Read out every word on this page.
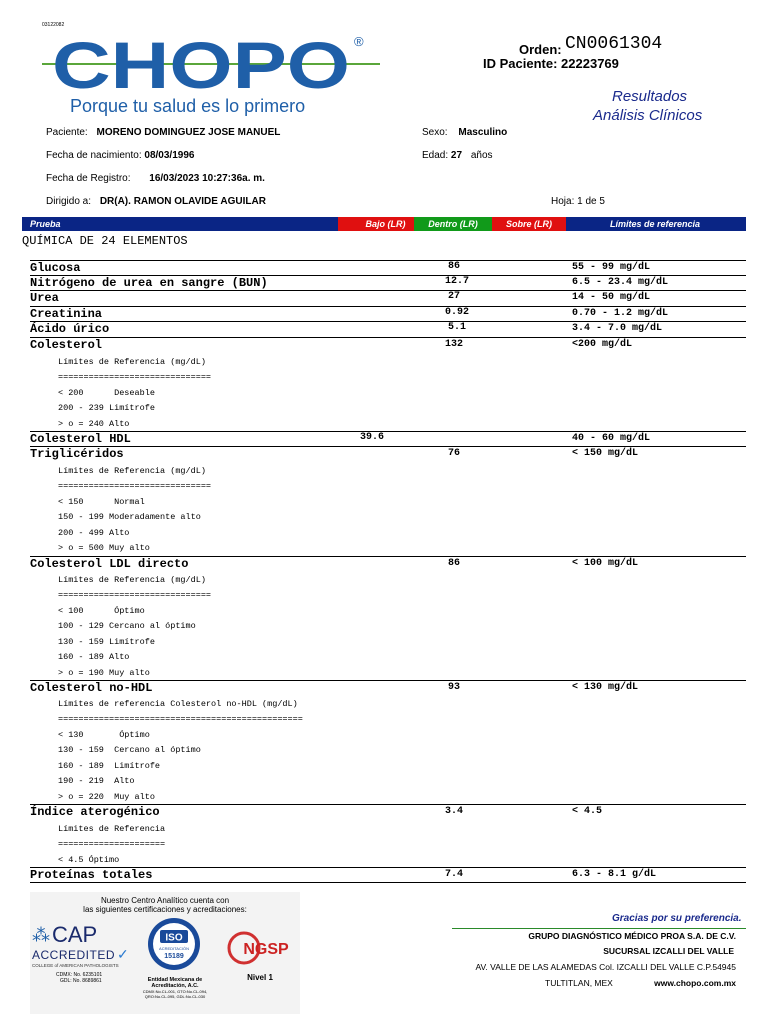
03122082
CHOPO ®
Porque tu salud es lo primero
Orden: CN0061304
ID Paciente: 22223769
Resultados
Análisis Clínicos
Paciente: MORENO DOMINGUEZ JOSE MANUEL	Sexo: Masculino
Fecha de nacimiento: 08/03/1996	Edad: 27 años
Fecha de Registro: 16/03/2023 10:27:36a. m.
Dirigido a: DR(A). RAMON OLAVIDE AGUILAR	Hoja: 1 de 5
Prueba	Bajo (LR)	Dentro (LR)	Sobre (LR)	Límites de referencia
QUÍMICA DE 24 ELEMENTOS
Glucosa	86	55 - 99 mg/dL
Nitrógeno de urea en sangre (BUN)	12.7	6.5 - 23.4 mg/dL
Urea	27	14 - 50 mg/dL
Creatinina	0.92	0.70 - 1.2 mg/dL
Ácido úrico	5.1	3.4 - 7.0 mg/dL
Colesterol	132	<200 mg/dL
Límites de Referencia (mg/dL)
==============================
< 200      Deseable
200 - 239 Limítrofe
> o = 240 Alto
Colesterol HDL	39.6	40 - 60 mg/dL
Triglicéridos	76	< 150 mg/dL
Límites de Referencia (mg/dL)
==============================
< 150      Normal
150 - 199 Moderadamente alto
200 - 499 Alto
> o = 500 Muy alto
Colesterol LDL directo	86	< 100 mg/dL
Límites de Referencia (mg/dL)
==============================
< 100      Óptimo
100 - 129 Cercano al óptimo
130 - 159 Limítrofe
160 - 189 Alto
> o = 190 Muy alto
Colesterol no-HDL	93	< 130 mg/dL
Límites de referencia Colesterol no-HDL (mg/dL)
================================================
< 130       Óptimo
130 - 159  Cercano al óptimo
160 - 189  Limítrofe
190 - 219  Alto
> o = 220  Muy alto
Índice aterogénico	3.4	< 4.5
Límites de Referencia
=====================
< 4.5 Óptimo
Proteínas totales	7.4	6.3 - 8.1 g/dL
Nuestro Centro Analítico cuenta con
las siguientes certificaciones y acreditaciones:
⁂ CAP
ACCREDITED ✓
COLLEGE of AMERICAN PATHOLOGISTS
CDMX: No. 6235101
GDL: No. 8689861
ISO
ACREDITACIÓN
15189
Entidad Mexicana de
Acreditación, A.C.
CDMX:No.CL-001, GTO:No.CL-094,
QRO:No.CL-095, GDL:No.CL-030
NGSP
Nivel 1
Gracias por su preferencia.
GRUPO DIAGNÓSTICO MÉDICO PROA S.A. DE C.V.
SUCURSAL IZCALLI DEL VALLE
AV. VALLE DE LAS ALAMEDAS Col. IZCALLI DEL VALLE C.P.54945
TULTITLAN, MEX	www.chopo.com.mx
